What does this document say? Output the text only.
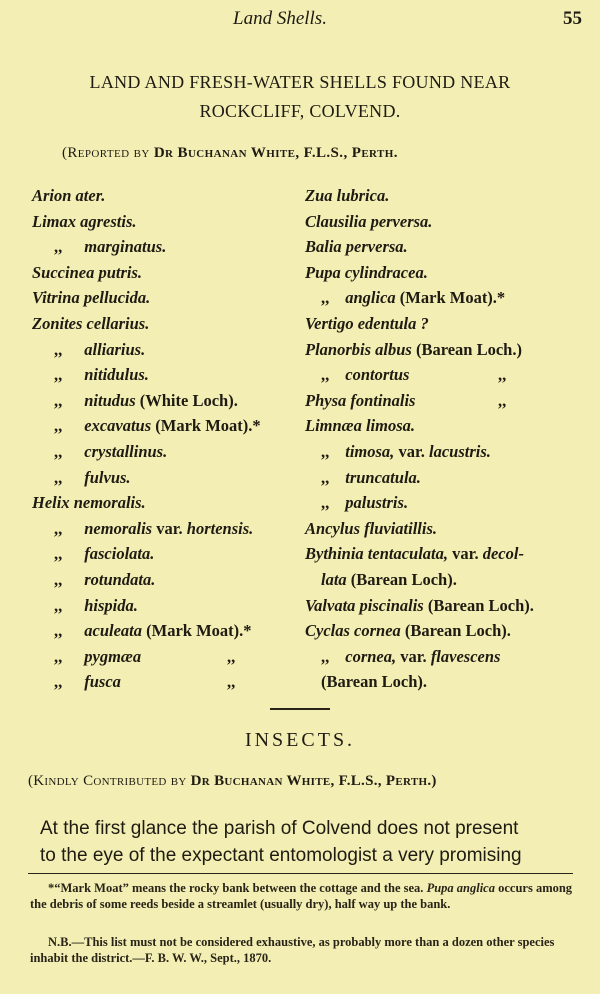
Land Shells.	55
LAND AND FRESH-WATER SHELLS FOUND NEAR
ROCKCLIFF, COLVEND.
(Reported by Dr Buchanan White, F.L.S., Perth.
Arion ater.
Limax agrestis.
,, marginatus.
Succinea putris.
Vitrina pellucida.
Zonites cellarius.
,, alliarius.
,, nitidulus.
,, nitudus (White Loch).
,, excavatus (Mark Moat).*
,, crystallinus.
,, fulvus.
Helix nemoralis.
,, nemoralis var. hortensis.
,, fasciolata.
,, rotundata.
,, hispida.
,, aculeata (Mark Moat).*
,, pygmæa	,,
,, fusca	,,
Zua lubrica.
Clausilia perversa.
Balia perversa.
Pupa cylindracea.
,, anglica (Mark Moat).*
Vertigo edentula ?
Planorbis albus (Barean Loch.)
,, contortus	,,
Physa fontinalis	,,
Limnæa limosa.
,, timosa, var. lacustris.
,, truncatula.
,, palustris.
Ancylus fluviatillis.
Bythinia tentaculata, var. decol-
lata (Barean Loch).
Valvata piscinalis (Barean Loch).
Cyclas cornea (Barean Loch).
,, cornea, var. flavescens
(Barean Loch).
INSECTS.
(Kindly Contributed by Dr Buchanan White, F.L.S., Perth.)
At the first glance the parish of Colvend does not present
to the eye of the expectant entomologist a very promising
*“Mark Moat” means the rocky bank between the cottage and the sea. Pupa anglica occurs among the debris of some reeds beside a streamlet (usually dry), half way up the bank.
N.B.—This list must not be considered exhaustive, as probably more than a dozen other species inhabit the district.—F. B. W. W., Sept., 1870.
